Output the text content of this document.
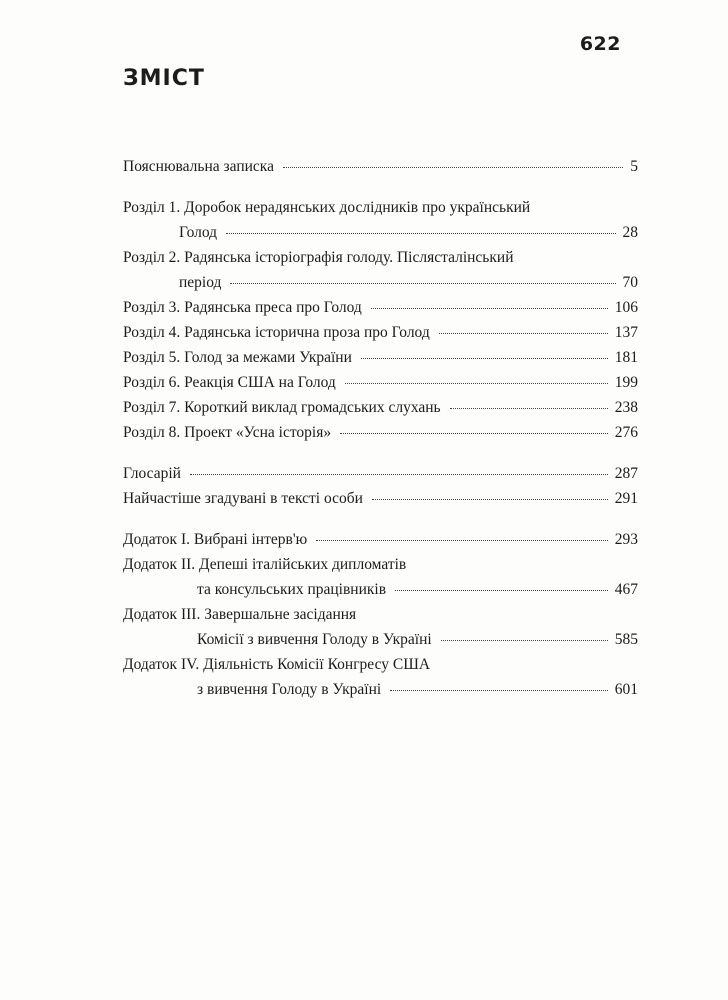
622
ЗМІСТ
Пояснювальна записка	5
Розділ 1. Доробок нерадянських дослідників про український
Голод	28
Розділ 2. Радянська історіографія голоду. Післясталінський
період	70
Розділ 3. Радянська преса про Голод	106
Розділ 4. Радянська історична проза про Голод	137
Розділ 5. Голод за межами України	181
Розділ 6. Реакція США на Голод	199
Розділ 7. Короткий виклад громадських слухань	238
Розділ 8. Проект «Усна історія»	276
Глосарій	287
Найчастіше згадувані в тексті особи	291
Додаток I. Вибрані інтерв'ю	293
Додаток II. Депеші італійських дипломатів
та консульських працівників	467
Додаток III. Завершальне засідання
Комісії з вивчення Голоду в Україні	585
Додаток IV. Діяльність Комісії Конгресу США
з вивчення Голоду в Україні	601
